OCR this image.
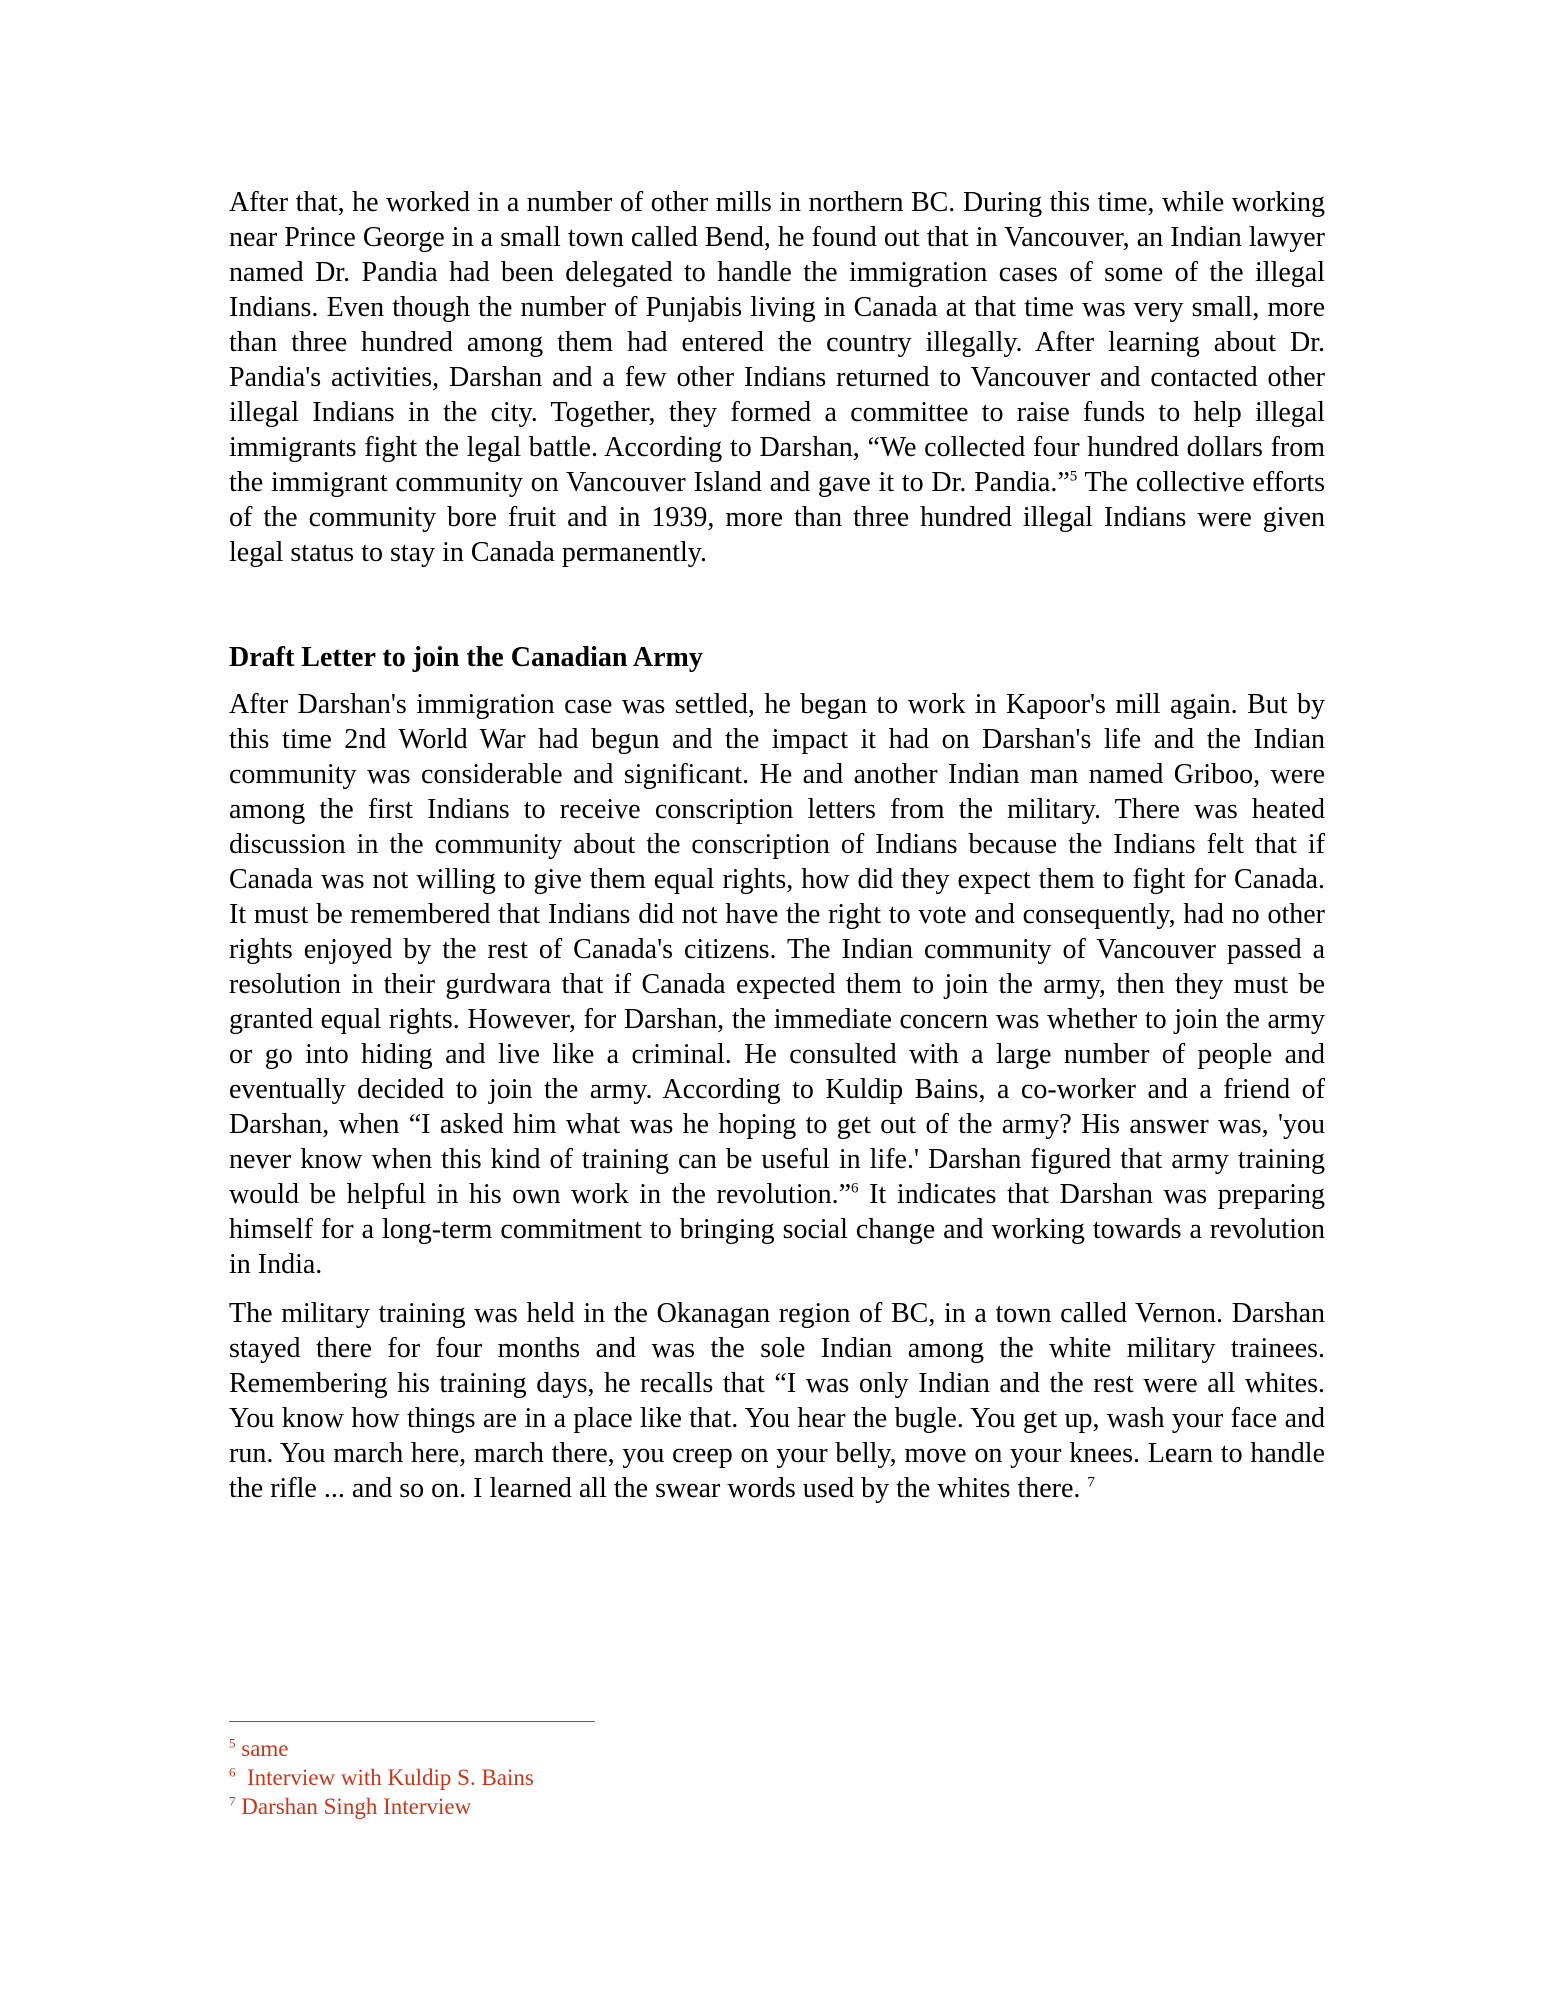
After that, he worked in a number of other mills in northern BC. During this time, while working near Prince George in a small town called Bend, he found out that in Vancouver, an Indian lawyer named Dr. Pandia had been delegated to handle the immigration cases of some of the illegal Indians. Even though the number of Punjabis living in Canada at that time was very small, more than three hundred among them had entered the country illegally. After learning about Dr. Pandia's activities, Darshan and a few other Indians returned to Vancouver and contacted other illegal Indians in the city. Together, they formed a committee to raise funds to help illegal immigrants fight the legal battle. According to Darshan, “We collected four hundred dollars from the immigrant community on Vancouver Island and gave it to Dr. Pandia.”$^5$ The collective efforts of the community bore fruit and in 1939, more than three hundred illegal Indians were given legal status to stay in Canada permanently.

Draft Letter to join the Canadian Army

After Darshan's immigration case was settled, he began to work in Kapoor's mill again. But by this time 2nd World War had begun and the impact it had on Darshan's life and the Indian community was considerable and significant. He and another Indian man named Griboo, were among the first Indians to receive conscription letters from the military. There was heated discussion in the community about the conscription of Indians because the Indians felt that if Canada was not willing to give them equal rights, how did they expect them to fight for Canada. It must be remembered that Indians did not have the right to vote and consequently, had no other rights enjoyed by the rest of Canada's citizens. The Indian community of Vancouver passed a resolution in their gurdwara that if Canada expected them to join the army, then they must be granted equal rights. However, for Darshan, the immediate concern was whether to join the army or go into hiding and live like a criminal. He consulted with a large number of people and eventually decided to join the army. According to Kuldip Bains, a co-worker and a friend of Darshan, when “I asked him what was he hoping to get out of the army? His answer was, 'you never know when this kind of training can be useful in life.' Darshan figured that army training would be helpful in his own work in the revolution.”$^6$ It indicates that Darshan was preparing himself for a long-term commitment to bringing social change and working towards a revolution in India.

The military training was held in the Okanagan region of BC, in a town called Vernon. Darshan stayed there for four months and was the sole Indian among the white military trainees. Remembering his training days, he recalls that “I was only Indian and the rest were all whites. You know how things are in a place like that. You hear the bugle. You get up, wash your face and run. You march here, march there, you creep on your belly, move on your knees. Learn to handle the rifle ... and so on. I learned all the swear words used by the whites there. $^7$

$^5$ same

$^6$  Interview with Kuldip S. Bains

$^7$ Darshan Singh Interview
